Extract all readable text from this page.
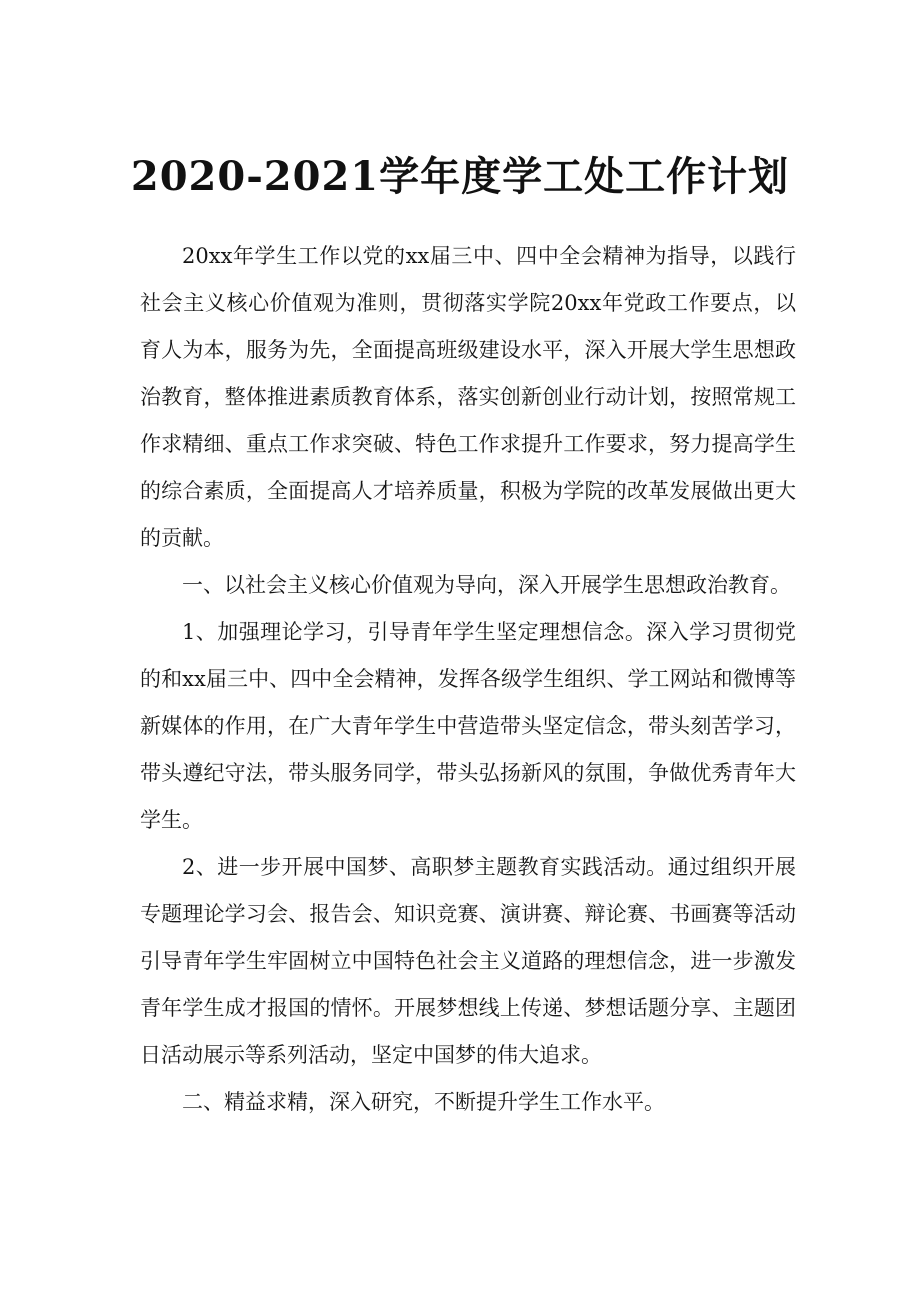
2020-2021学年度学工处工作计划

20xx年学生工作以党的xx届三中、四中全会精神为指导，以践行社会主义核心价值观为准则，贯彻落实学院20xx年党政工作要点，以育人为本，服务为先，全面提高班级建设水平，深入开展大学生思想政治教育，整体推进素质教育体系，落实创新创业行动计划，按照常规工作求精细、重点工作求突破、特色工作求提升工作要求，努力提高学生的综合素质，全面提高人才培养质量，积极为学院的改革发展做出更大的贡献。

一、以社会主义核心价值观为导向，深入开展学生思想政治教育。

1、加强理论学习，引导青年学生坚定理想信念。深入学习贯彻党的和xx届三中、四中全会精神，发挥各级学生组织、学工网站和微博等新媒体的作用，在广大青年学生中营造带头坚定信念，带头刻苦学习，带头遵纪守法，带头服务同学，带头弘扬新风的氛围，争做优秀青年大学生。

2、进一步开展中国梦、高职梦主题教育实践活动。通过组织开展专题理论学习会、报告会、知识竞赛、演讲赛、辩论赛、书画赛等活动引导青年学生牢固树立中国特色社会主义道路的理想信念，进一步激发青年学生成才报国的情怀。开展梦想线上传递、梦想话题分享、主题团日活动展示等系列活动，坚定中国梦的伟大追求。

二、精益求精，深入研究，不断提升学生工作水平。
